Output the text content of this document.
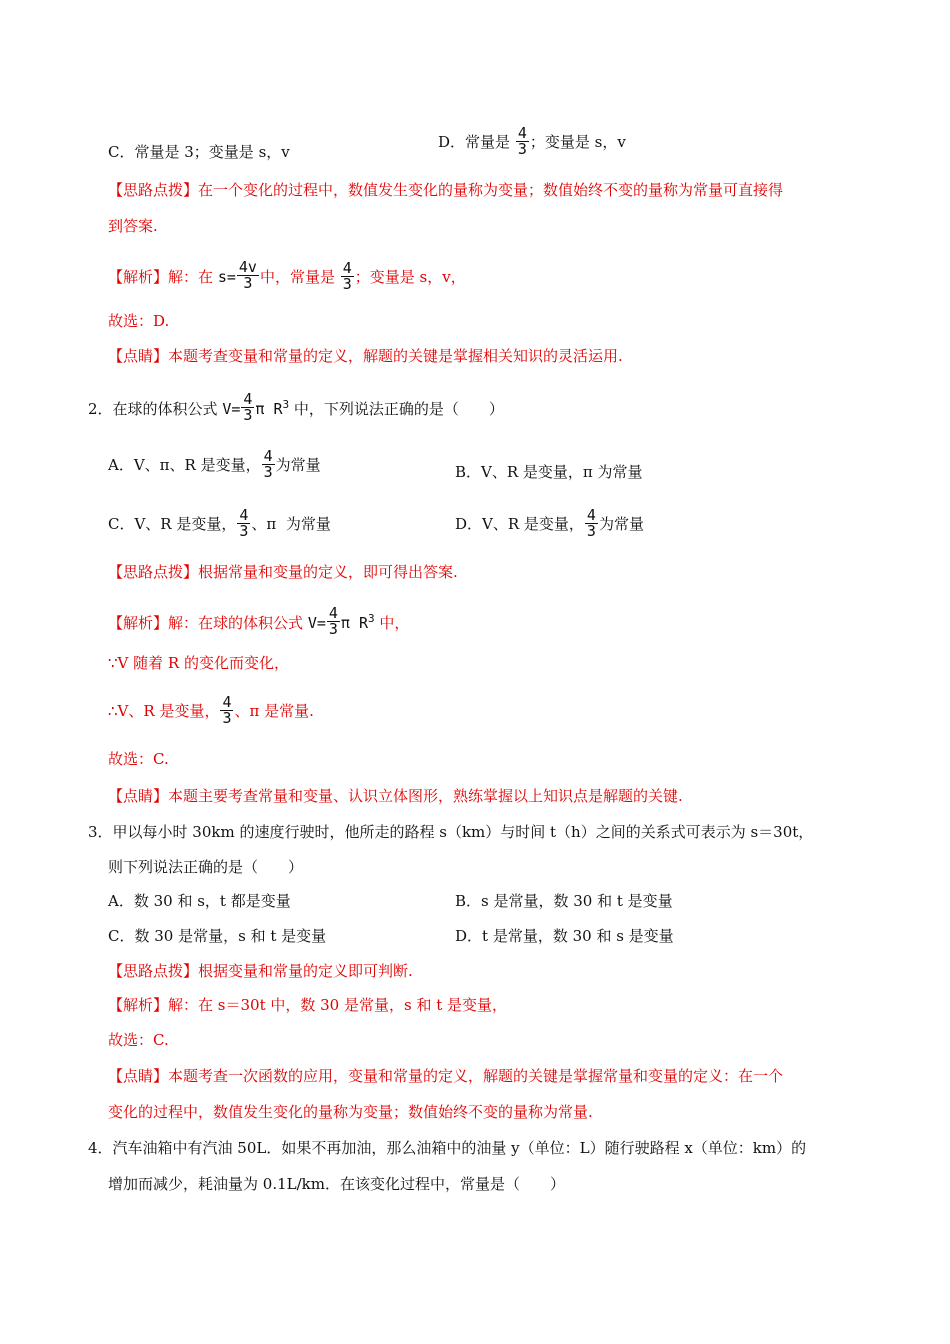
C．常量是 3；变量是 s，v
D．常量是 $\frac{4}{3}$ ；变量是 s，v
【思路点拨】在一个变化的过程中，数值发生变化的量称为变量；数值始终不变的量称为常量可直接得
到答案.
【解析】解：在 $s= \frac{4v}{3}$ 中，常量是 $\frac{4}{3}$ ；变量是 s，v，
故选：D.
【点睛】本题考查变量和常量的定义，解题的关键是掌握相关知识的灵活运用.
2．在球的体积公式 $V= \frac{4}{3}$ π $R^3$ 中，下列说法正确的是（　　）
A．V、π、R 是变量， $\frac{4}{3}$ 为常量	B．V、R 是变量，π 为常量
C．V、R 是变量， $\frac{4}{3}$ 、π 为常量	D．V、R 是变量， $\frac{4}{3}$ 为常量
【思路点拨】根据常量和变量的定义，即可得出答案.
【解析】解：在球的体积公式 $V= \frac{4}{3}$ π $R^3$ 中，
∵V 随着 R 的变化而变化，
∴V、R 是变量， $\frac{4}{3}$ 、π 是常量.
故选：C.
【点睛】本题主要考查常量和变量、认识立体图形，熟练掌握以上知识点是解题的关键.
3．甲以每小时 30km 的速度行驶时，他所走的路程 s（km）与时间 t（h）之间的关系式可表示为 s＝30t，
则下列说法正确的是（　　）
A．数 30 和 s，t 都是变量	B．s 是常量，数 30 和 t 是变量
C．数 30 是常量，s 和 t 是变量	D．t 是常量，数 30 和 s 是变量
【思路点拨】根据变量和常量的定义即可判断.
【解析】解：在 s＝30t 中，数 30 是常量，s 和 t 是变量，
故选：C.
【点睛】本题考查一次函数的应用，变量和常量的定义，解题的关键是掌握常量和变量的定义：在一个
变化的过程中，数值发生变化的量称为变量；数值始终不变的量称为常量.
4．汽车油箱中有汽油 50L．如果不再加油，那么油箱中的油量 y（单位：L）随行驶路程 x（单位：km）的
增加而减少，耗油量为 0.1L/km．在该变化过程中，常量是（　　）
